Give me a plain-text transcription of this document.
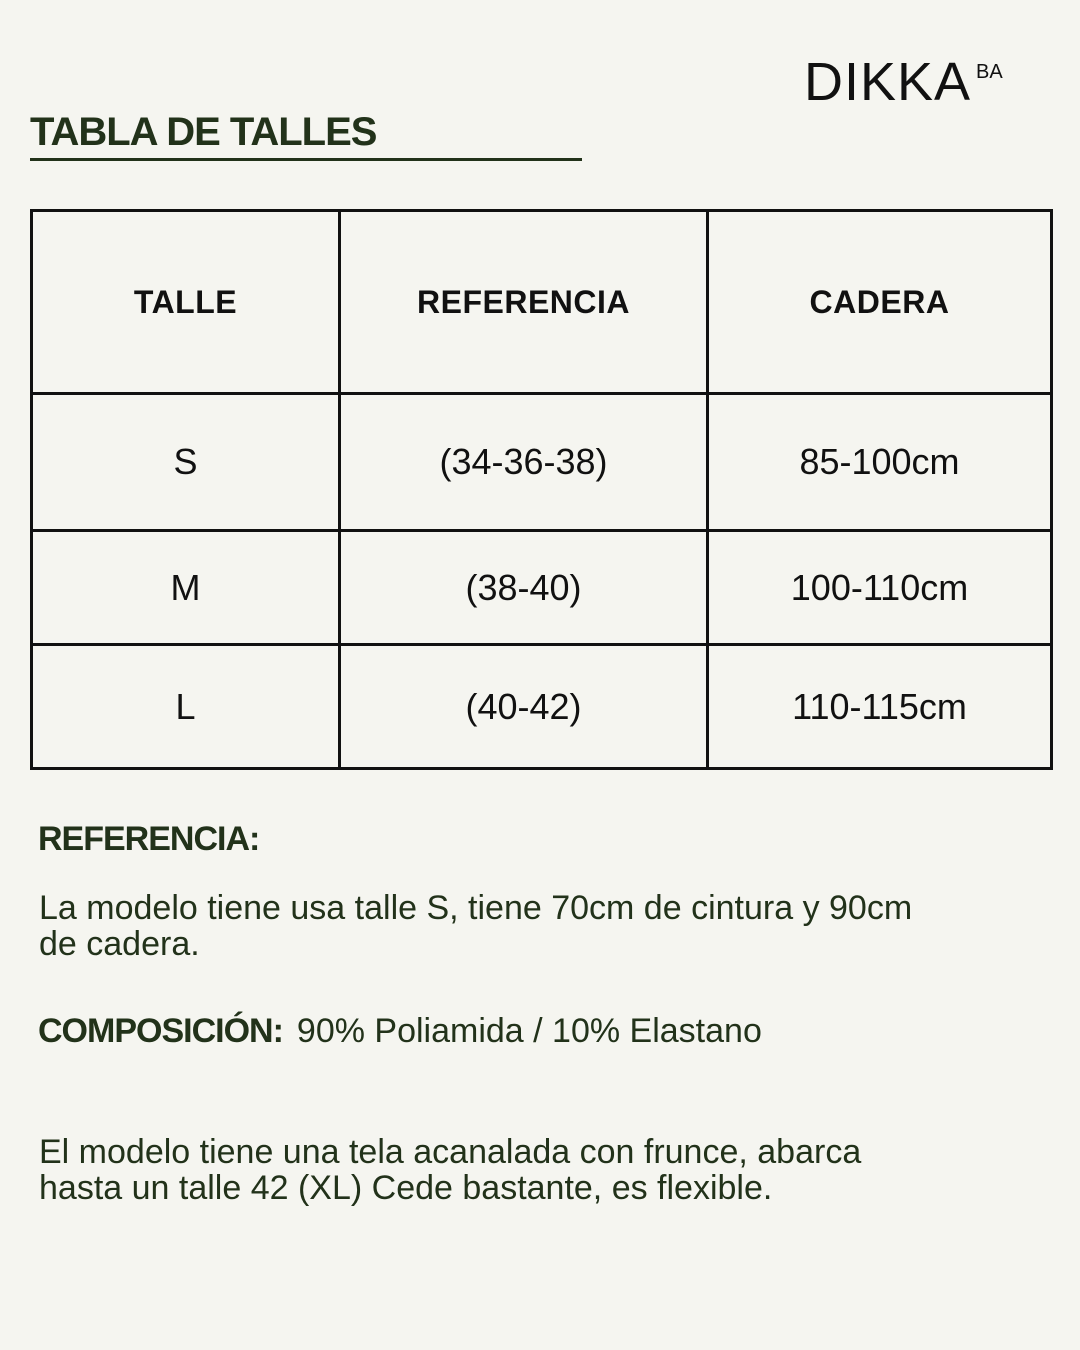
DIKKA BA
TABLA DE TALLES
TALLE	REFERENCIA	CADERA
S	(34-36-38)	85-100cm
M	(38-40)	100-110cm
L	(40-42)	110-115cm
REFERENCIA:
La modelo tiene usa talle S, tiene 70cm de cintura y 90cm de cadera.
COMPOSICIÓN: 90% Poliamida / 10% Elastano
El modelo tiene una tela acanalada con frunce, abarca hasta un talle 42 (XL) Cede bastante, es flexible.
